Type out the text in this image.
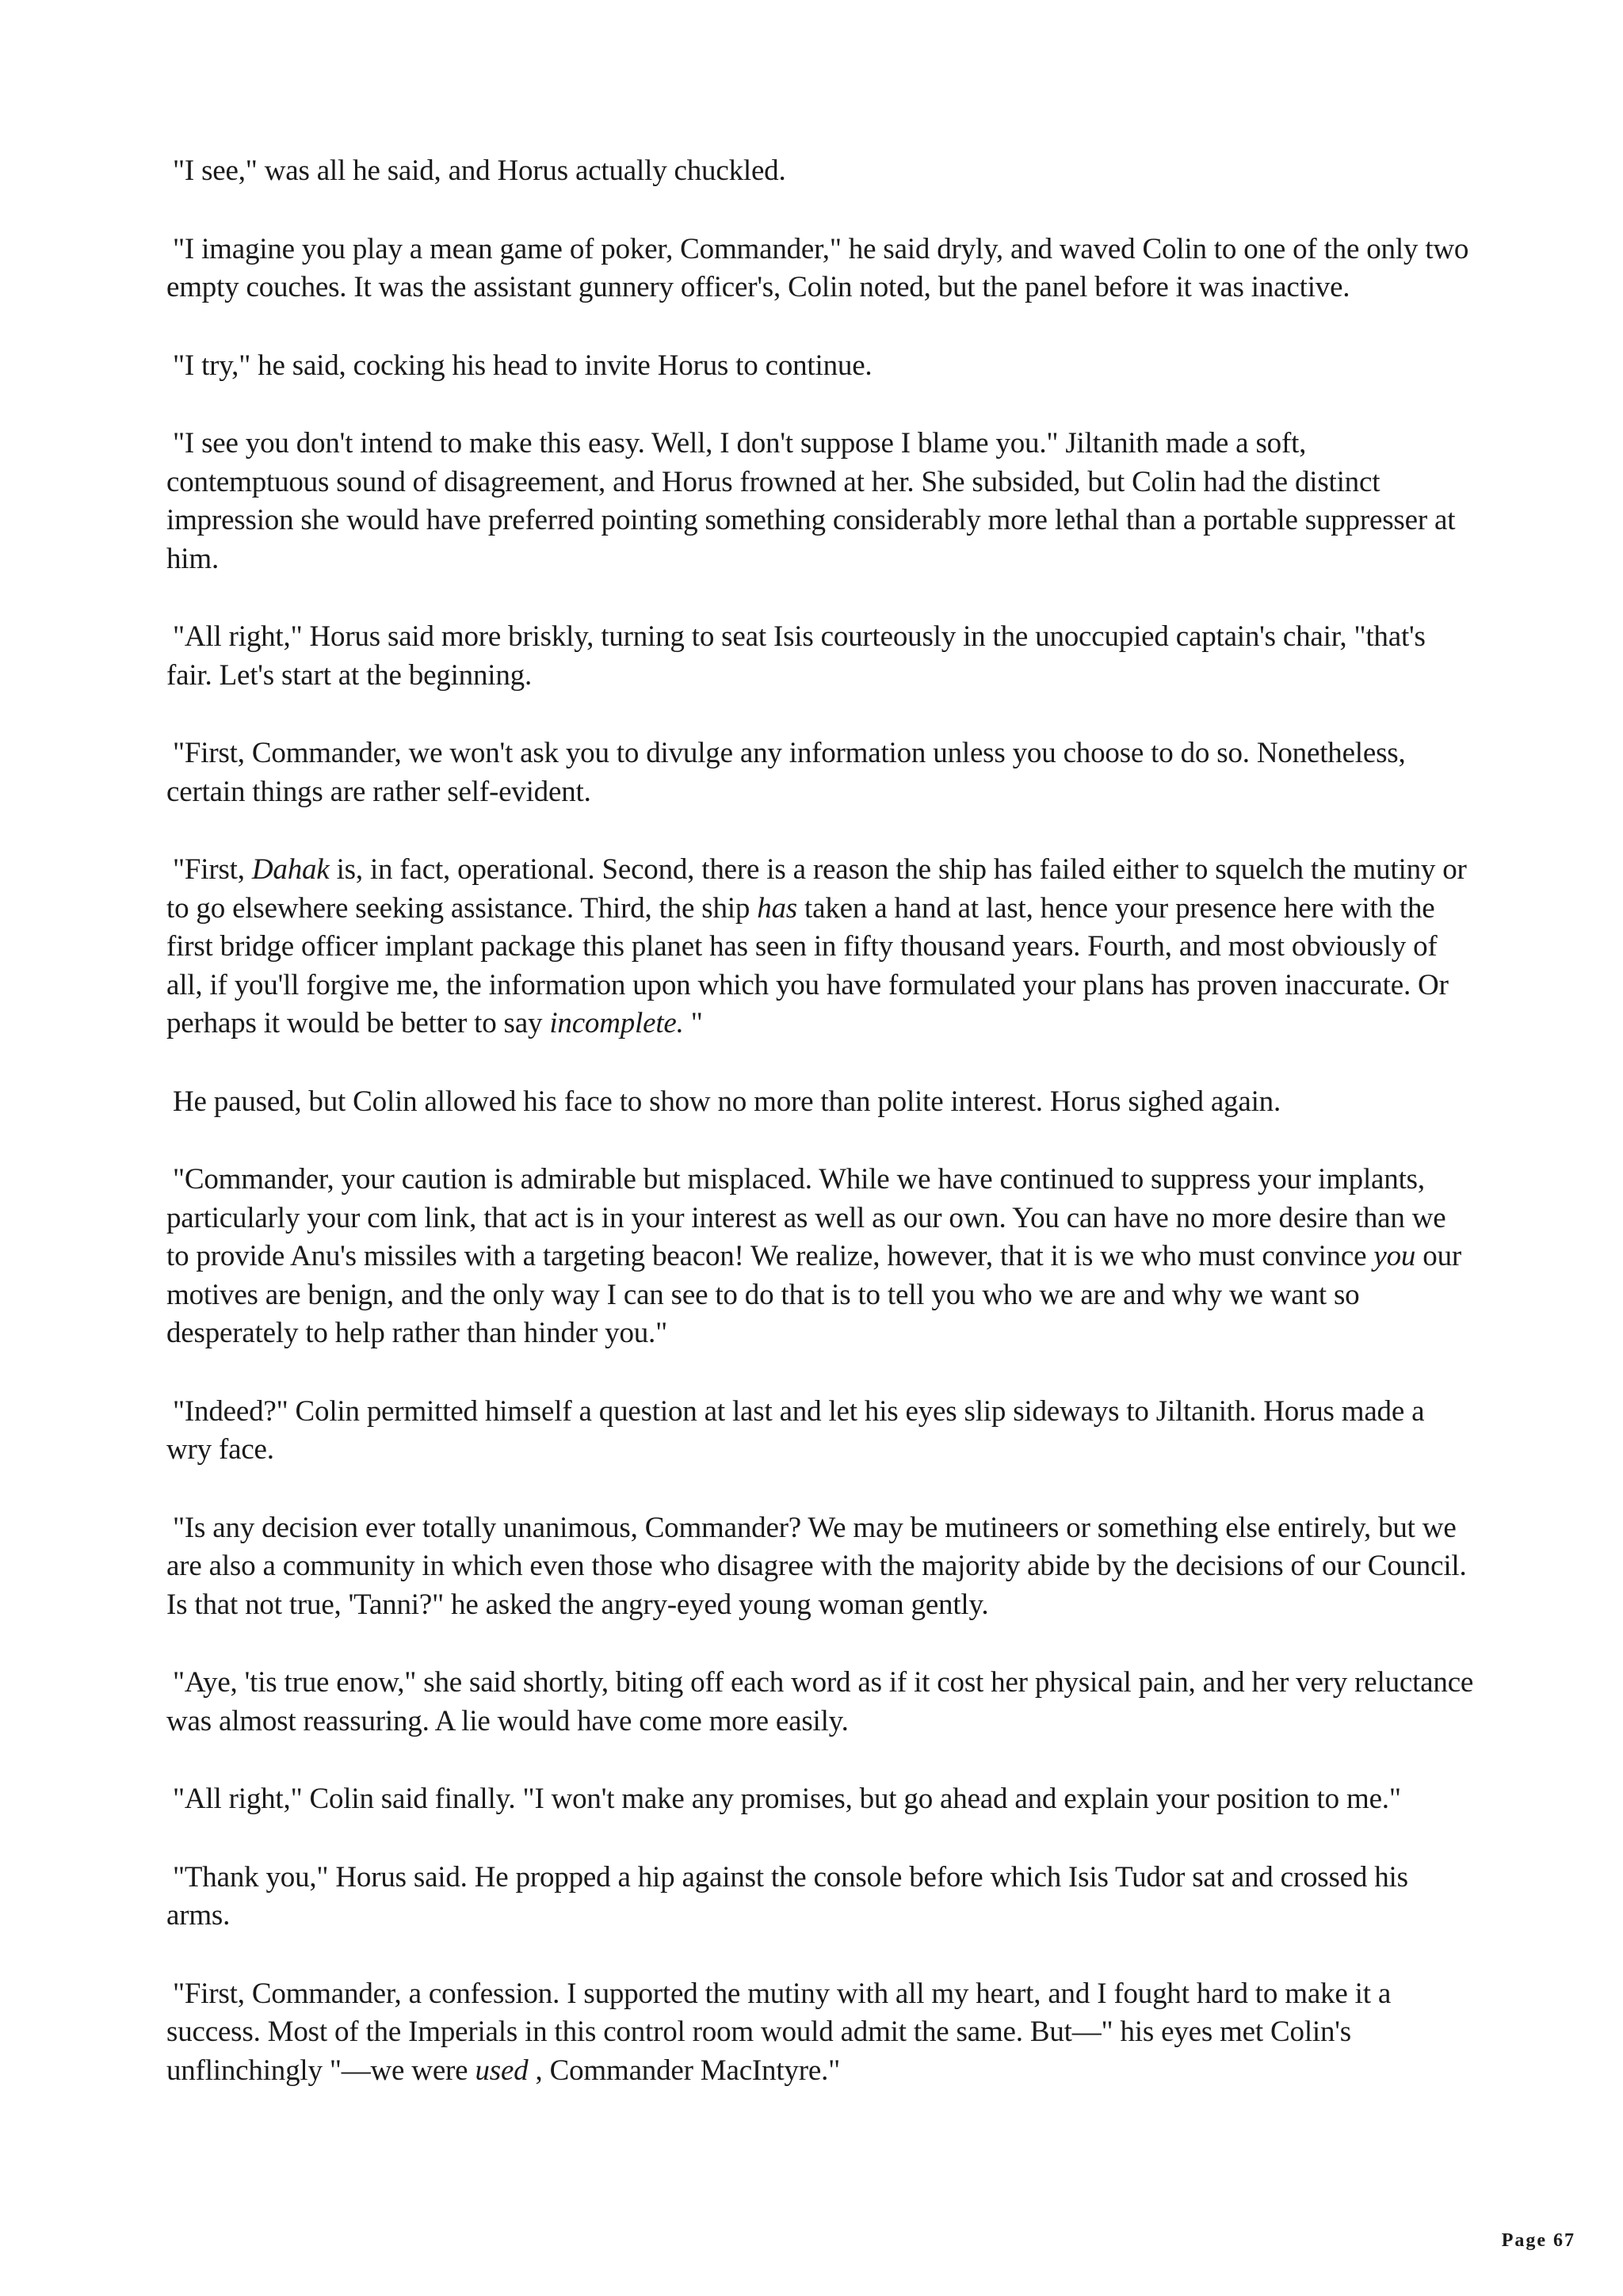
"I see," was all he said, and Horus actually chuckled.

"I imagine you play a mean game of poker, Commander," he said dryly, and waved Colin to one of the only two empty couches. It was the assistant gunnery officer's, Colin noted, but the panel before it was inactive.

"I try," he said, cocking his head to invite Horus to continue.

"I see you don't intend to make this easy. Well, I don't suppose I blame you." Jiltanith made a soft, contemptuous sound of disagreement, and Horus frowned at her. She subsided, but Colin had the distinct impression she would have preferred pointing something considerably more lethal than a portable suppresser at him.

"All right," Horus said more briskly, turning to seat Isis courteously in the unoccupied captain's chair, "that's fair. Let's start at the beginning.

"First, Commander, we won't ask you to divulge any information unless you choose to do so. Nonetheless, certain things are rather self-evident.

"First, Dahak is, in fact, operational. Second, there is a reason the ship has failed either to squelch the mutiny or to go elsewhere seeking assistance. Third, the ship has taken a hand at last, hence your presence here with the first bridge officer implant package this planet has seen in fifty thousand years. Fourth, and most obviously of all, if you'll forgive me, the information upon which you have formulated your plans has proven inaccurate. Or perhaps it would be better to say incomplete. "

He paused, but Colin allowed his face to show no more than polite interest. Horus sighed again.

"Commander, your caution is admirable but misplaced. While we have continued to suppress your implants, particularly your com link, that act is in your interest as well as our own. You can have no more desire than we to provide Anu's missiles with a targeting beacon! We realize, however, that it is we who must convince you our motives are benign, and the only way I can see to do that is to tell you who we are and why we want so desperately to help rather than hinder you."

"Indeed?" Colin permitted himself a question at last and let his eyes slip sideways to Jiltanith. Horus made a wry face.

"Is any decision ever totally unanimous, Commander? We may be mutineers or something else entirely, but we are also a community in which even those who disagree with the majority abide by the decisions of our Council. Is that not true, 'Tanni?" he asked the angry-eyed young woman gently.

"Aye, 'tis true enow," she said shortly, biting off each word as if it cost her physical pain, and her very reluctance was almost reassuring. A lie would have come more easily.

"All right," Colin said finally. "I won't make any promises, but go ahead and explain your position to me."

"Thank you," Horus said. He propped a hip against the console before which Isis Tudor sat and crossed his arms.

"First, Commander, a confession. I supported the mutiny with all my heart, and I fought hard to make it a success. Most of the Imperials in this control room would admit the same. But—" his eyes met Colin's unflinchingly "—we were used , Commander MacIntyre."

Page 67
